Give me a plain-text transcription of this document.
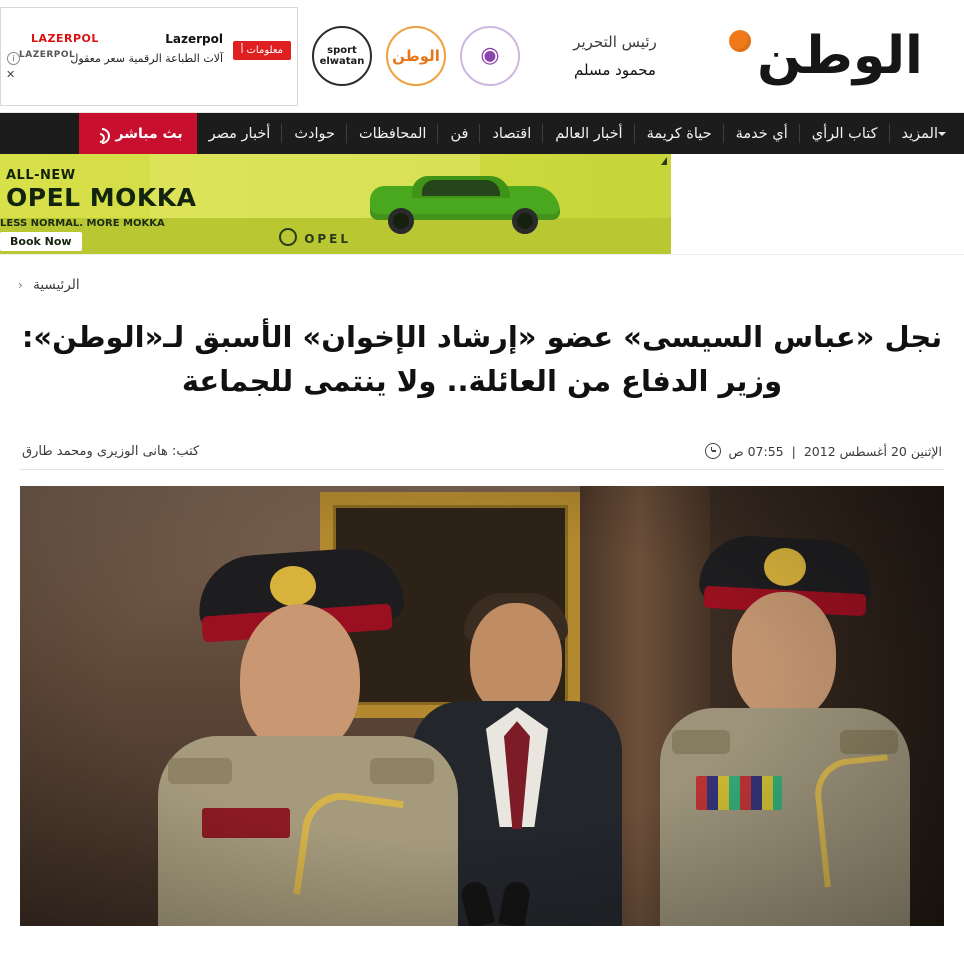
الوطن
رئيس التحرير
محمود مسلم
◉
الوطن
sport elwatan
معلومات أ
Lazerpol
آلات الطباعة الرقمية سعر معقول
LAZERPOL
LAZERPOL
i
✕
المزيد
كتاب الرأي
أي خدمة
حياة كريمة
أخبار العالم
اقتصاد
فن
المحافظات
حوادث
أخبار مصر
بث مباشر
ALL-NEW
OPEL MOKKA
LESS NORMAL. MORE MOKKA
Book Now	OPEL
الرئيسية ‹
نجل «عباس السيسى» عضو «إرشاد الإخوان» الأسبق لـ«الوطن»: وزير الدفاع من العائلة.. ولا ينتمى للجماعة
كتب: هانى الوزيرى ومحمد طارق	07:55 ص | الإثنين 20 أغسطس 2012
